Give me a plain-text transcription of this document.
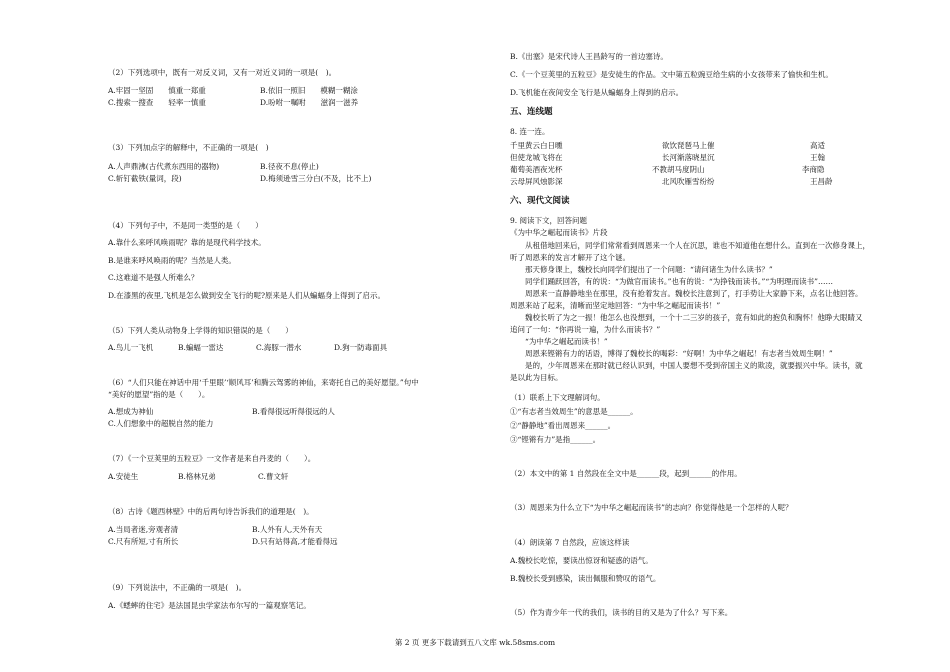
（2）下列选项中，既有一对反义词，又有一对近义词的一项是(　)。
A.牢固一坚固　　慎重一郑重	B.依旧一照旧　　模糊一糊涂
C.搜索一搜查　　轻率一慎重	D.吩咐一嘱咐　　滋润一滋养
（3）下列加点字的解释中，不正确的一项是(　)
A.人声鼎沸(古代煮东西用的器物)	B.径夜不息(停止)
C.斩钉截铁(量词，段)	D.梅须逊雪三分白(不及，比不上)
（4）下列句子中，不是同一类型的是（　　）
A.靠什么来呼风唤雨呢？靠的是现代科学技术。
B.是谁来呼风唤雨的呢？当然是人类。
C.这难道不是强人所难么？
D.在漆黑的夜里,飞机是怎么做到安全飞行的呢?原来是人们从蝙蝠身上得到了启示。
（5）下列人类从动物身上学得的知识错误的是（　　）
A.鸟儿一飞机	B.蝙蝠一雷达	C.海豚一潜水	D.狗一防毒面具
（6）“人们只能在神话中用‘千里眼’‘顺风耳’和腾云驾雾的神仙，来寄托自己的美好愿望。”句中
“美好的愿望”指的是（　　）。
A.想成为神仙	B.看得很远听得很远的人
C.人们想象中的超脱自然的能力
（7）《一个豆荚里的五粒豆》一文作者是来自丹麦的（　　）。
A.安徒生	B.格林兄弟	C.曹文轩
（8）古诗《题西林壁》中的后两句诗告诉我们的道理是(　)。
A.当局者迷,旁观者清	B.人外有人,天外有天
C.尺有所短,寸有所长	D.只有站得高,才能看得远
（9）下列说法中，不正确的一项是(　)。
A.《蟋蟀的住宅》是法国昆虫学家法布尔写的一篇观察笔记。
B.《出塞》是宋代诗人王昌龄写的一首边塞诗。
C.《一个豆荚里的五粒豆》是安徒生的作品。文中第五粒豌豆给生病的小女孩带来了愉快和生机。
D.飞机能在夜间安全飞行是从蝙蝠身上得到的启示。
五、连线题
8. 连一连。
千里黄云白日曛	欲饮琵琶马上催	高适
但使龙城飞将在	长河渐落晓星沉	王翰
葡萄美酒夜光杯	不教胡马度阴山	李商隐
云母屏风烛影深	北风吹雁雪纷纷	王昌龄
六、现代文阅读
9. 阅读下文，回答问题
《为中华之崛起而读书》片段
　　从租借地回来后，同学们常常看到周恩来一个人在沉思，谁也不知道他在想什么。直到在一次修身课上，
听了周恩来的发言才解开了这个谜。
　　那天修身课上，魏校长向同学们提出了一个问题：“请问诸生为什么读书？”
　　同学们踊跃回答，有的说：“为做官而读书。”也有的说：“为挣钱而读书。”“为明理而读书”……
　　周恩来一直静静地坐在那里，没有抢着发言。魏校长注意到了，打手势让大家静下来，点名让他回答。
周恩来站了起来，清晰而坚定地回答：“为中华之崛起而读书！”
　　魏校长听了为之一振！他怎么也没想到，一个十二三岁的孩子，竟有如此的抱负和胸怀！他睁大眼睛又
追问了一句：“你再说一遍，为什么而读书？”
　　“为中华之崛起而读书！”
　　周恩来铿锵有力的话语，博得了魏校长的喝彩：“好啊！为中华之崛起！有志者当效周生啊！”
　　是的，少年周恩来在那时就已经认识到，中国人要想不受到帝国主义的欺凌，就要振兴中华。读书，就
是以此为目标。
（1）联系上下文理解词句。
①“有志者当效周生”的意思是______。
②“静静地”看出周恩来______。
③“铿锵有力”是指______。
（2）本文中的第 1 自然段在全文中是______段，起到______的作用。
（3）周恩来为什么立下“为中华之崛起而读书”的志向？你觉得他是一个怎样的人呢？
（4）朗读第 7 自然段，应该这样读
A.魏校长吃惊，要读出惊讶和疑惑的语气。
B.魏校长受到感染，读出佩服和赞叹的语气。
（5）作为青少年一代的我们，读书的目的又是为了什么？写下来。
第 2 页 更多下载请到五八文库 wk.58sms.com
